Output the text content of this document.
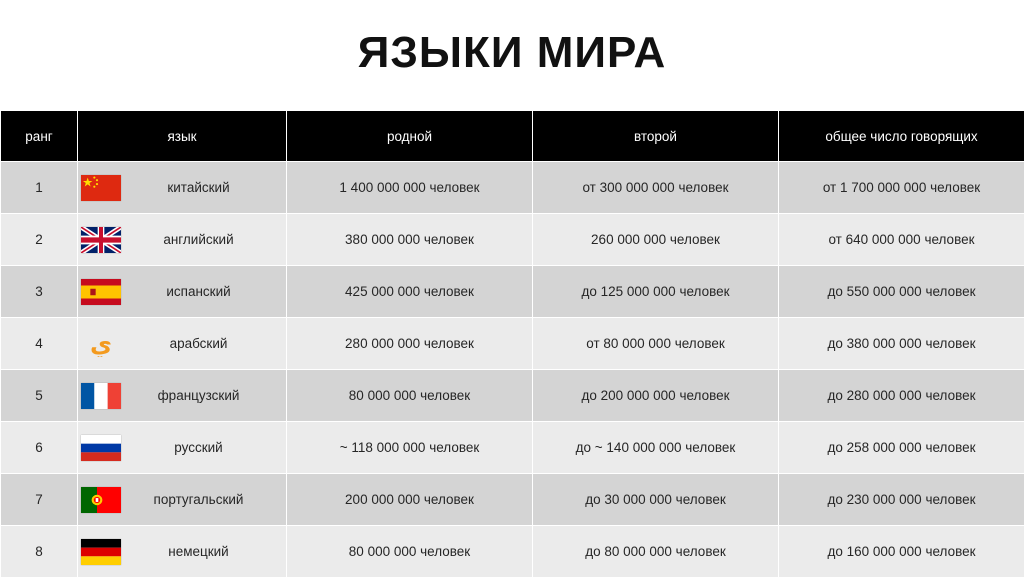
ЯЗЫКИ МИРА
ранг	язык	родной	второй	общее число говорящих
1	китайский	1 400 000 000 человек	от 300 000 000 человек	от 1 700 000 000 человек
2	английский	380 000 000 человек	260 000 000 человек	от 640 000 000 человек
3	испанский	425 000 000 человек	до 125 000 000 человек	до 550 000 000 человек
4	ي арабский	280 000 000 человек	от 80 000 000 человек	до 380 000 000 человек
5	французский	80 000 000 человек	до 200 000 000 человек	до 280 000 000 человек
6	русский	~ 118 000 000 человек	до ~ 140 000 000 человек	до 258 000 000 человек
7	португальский	200 000 000 человек	до 30 000 000 человек	до 230 000 000 человек
8	немецкий	80 000 000 человек	до 80 000 000 человек	до 160 000 000 человек
